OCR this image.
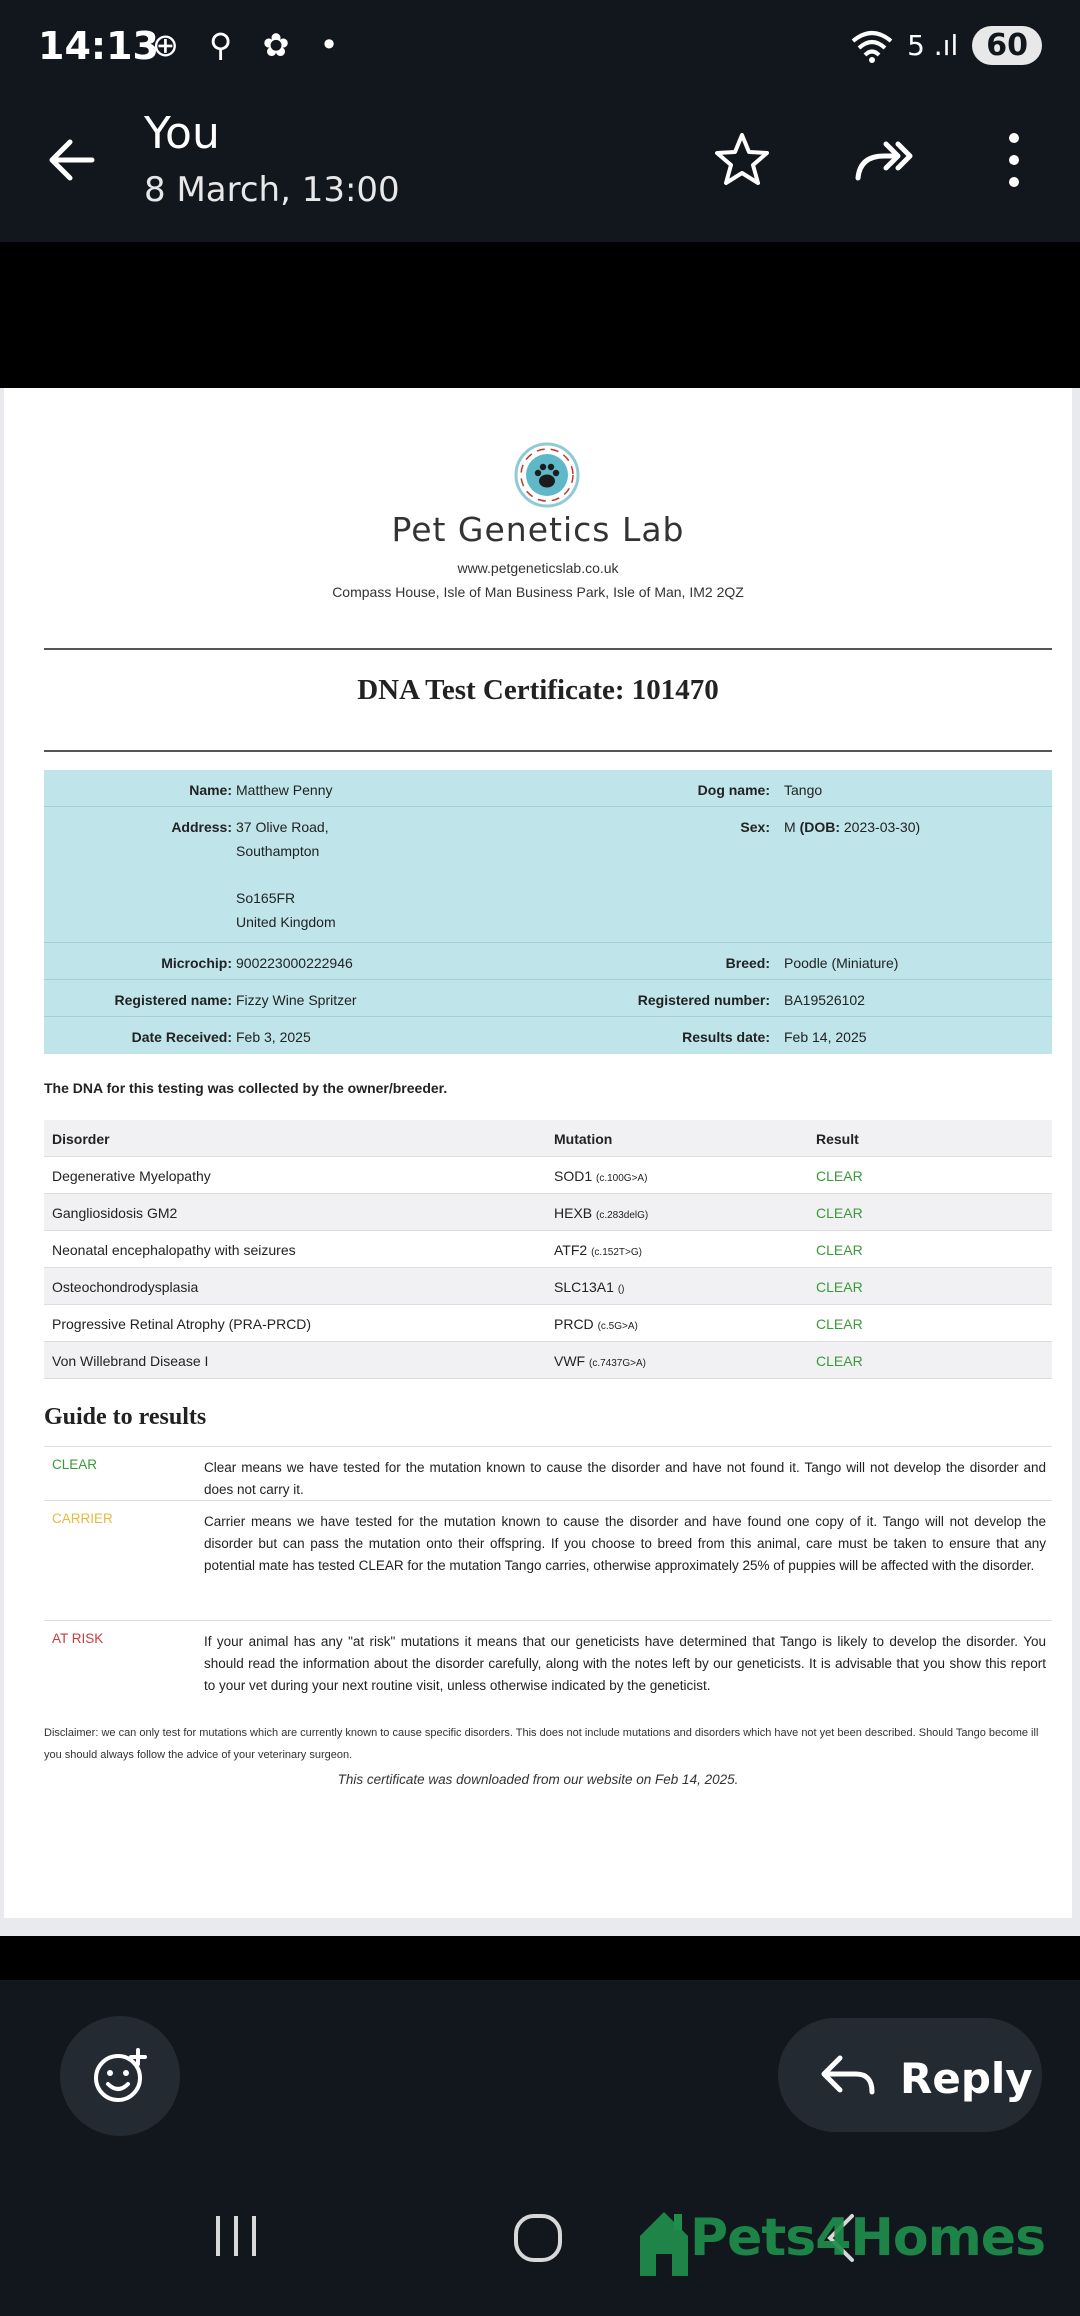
14:13
⊕ ⚲ ✿ •	5 .ıl 60
You
8 March, 13:00
Pet Genetics Lab
www.petgeneticslab.co.uk
Compass House, Isle of Man Business Park, Isle of Man, IM2 2QZ
DNA Test Certificate: 101470
Name: Matthew Penny	Dog name: Tango
Address: 37 Olive Road,
Southampton
So165FR
United Kingdom
Sex: M (DOB: 2023-03-30)
Microchip: 900223000222946	Breed: Poodle (Miniature)
Registered name: Fizzy Wine Spritzer	Registered number: BA19526102
Date Received: Feb 3, 2025	Results date: Feb 14, 2025
The DNA for this testing was collected by the owner/breeder.
Disorder	Mutation	Result
Degenerative Myelopathy	SOD1 (c.100G>A)	CLEAR
Gangliosidosis GM2	HEXB (c.283delG)	CLEAR
Neonatal encephalopathy with seizures	ATF2 (c.152T>G)	CLEAR
Osteochondrodysplasia	SLC13A1 ()	CLEAR
Progressive Retinal Atrophy (PRA-PRCD)	PRCD (c.5G>A)	CLEAR
Von Willebrand Disease I	VWF (c.7437G>A)	CLEAR
Guide to results
CLEAR	Clear means we have tested for the mutation known to cause the disorder and have not found it. Tango will not develop the disorder and does not carry it.
CARRIER	Carrier means we have tested for the mutation known to cause the disorder and have found one copy of it. Tango will not develop the disorder but can pass the mutation onto their offspring. If you choose to breed from this animal, care must be taken to ensure that any potential mate has tested CLEAR for the mutation Tango carries, otherwise approximately 25% of puppies will be affected with the disorder.
AT RISK	If your animal has any "at risk" mutations it means that our geneticists have determined that Tango is likely to develop the disorder. You should read the information about the disorder carefully, along with the notes left by our geneticists. It is advisable that you show this report to your vet during your next routine visit, unless otherwise indicated by the geneticist.
Disclaimer: we can only test for mutations which are currently known to cause specific disorders. This does not include mutations and disorders which have not yet been described. Should Tango become ill you should always follow the advice of your veterinary surgeon.
This certificate was downloaded from our website on Feb 14, 2025.
Reply
Pets4Homes
